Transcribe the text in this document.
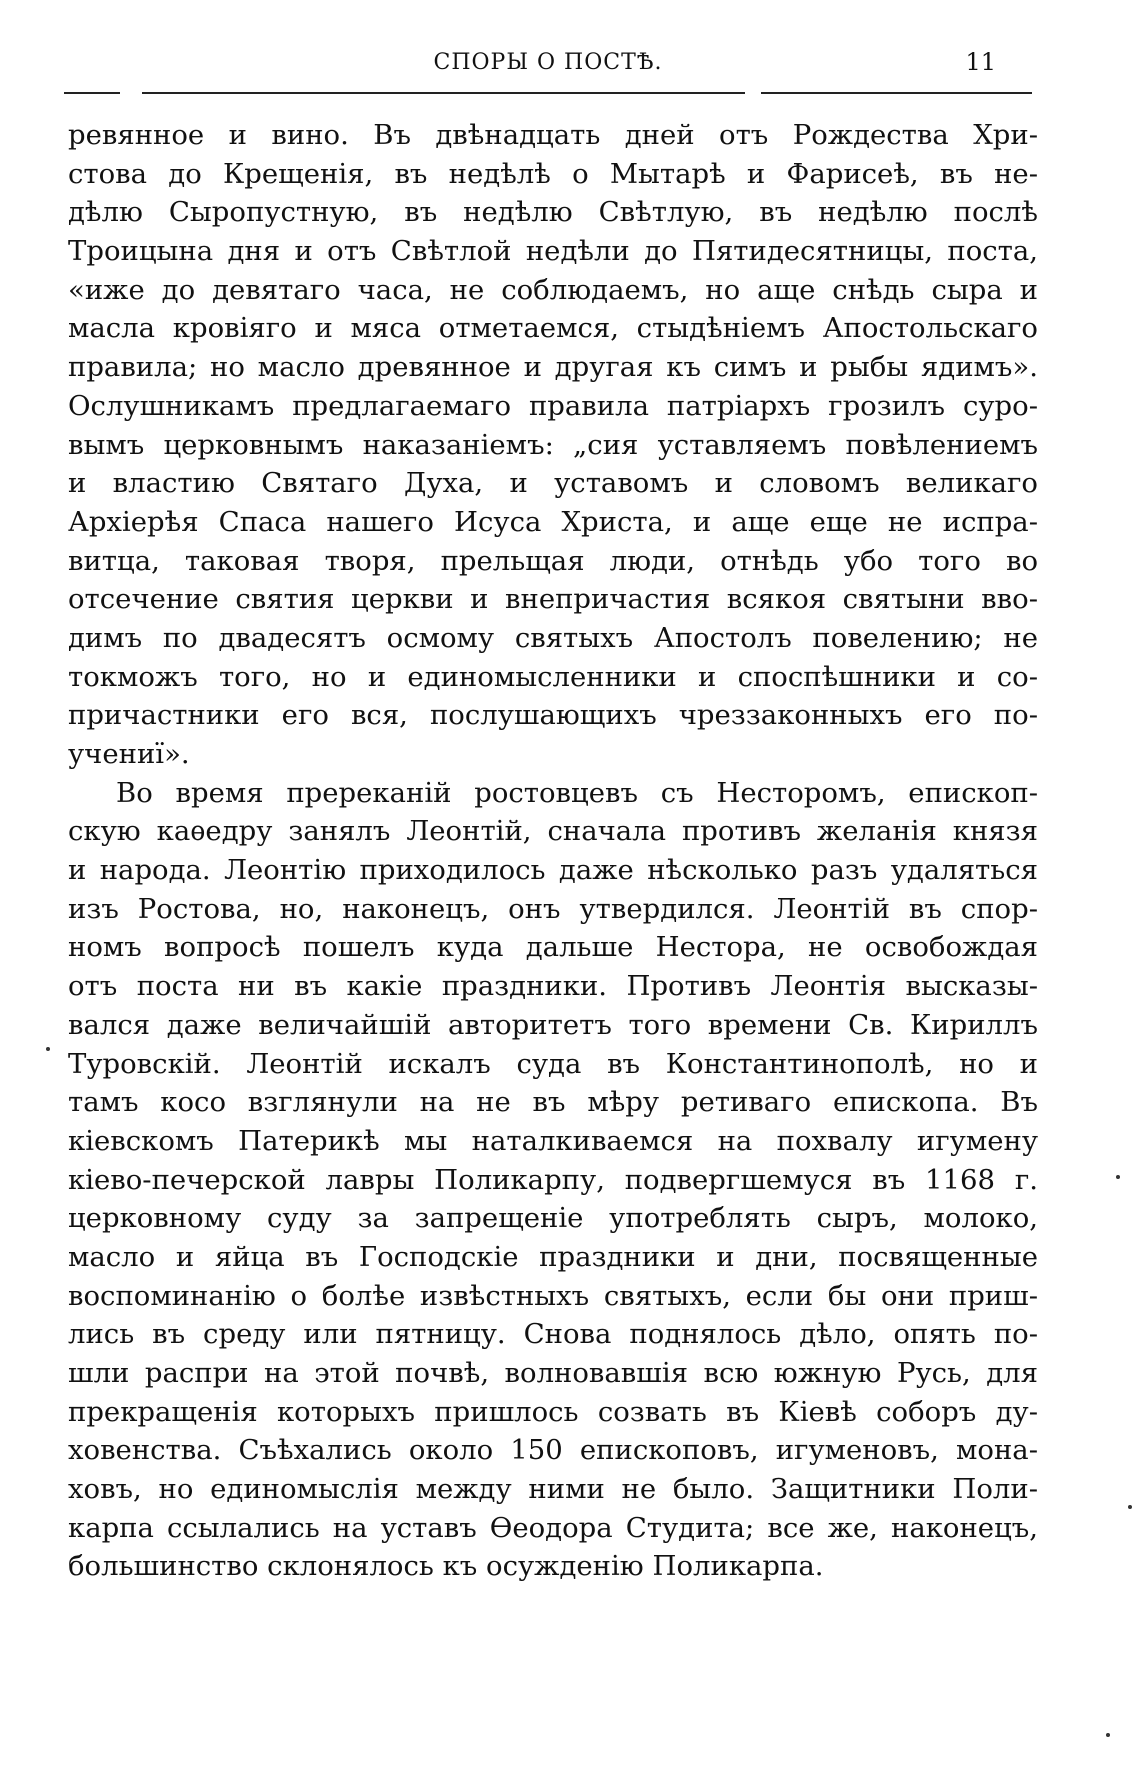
СПОРЫ О ПОСТѢ.	11
ревянное и вино. Въ двѣнадцать дней отъ Рождества Хри-
стова до Крещенія, въ недѣлѣ о Мытарѣ и Фарисеѣ, въ не-
дѣлю Сыропустную, въ недѣлю Свѣтлую, въ недѣлю послѣ
Троицына дня и отъ Свѣтлой недѣли до Пятидесятницы, поста,
«иже до девятаго часа, не соблюдаемъ, но аще снѣдь сыра и
масла кровіяго и мяса отметаемся, стыдѣніемъ Апостольскаго
правила; но масло древянное и другая къ симъ и рыбы ядимъ».
Ослушникамъ предлагаемаго правила патріархъ грозилъ суро-
вымъ церковнымъ наказаніемъ: „сия уставляемъ повѣлениемъ
и властию Святаго Духа, и уставомъ и словомъ великаго
Архіерѣя Спаса нашего Исуса Христа, и аще еще не испра-
витца, таковая творя, прельщая люди, отнѣдь убо того во
отсечение святия церкви и внепричастия всякоя святыни вво-
димъ по двадесятъ осмому святыхъ Апостолъ повелению; не
токможъ того, но и единомысленники и споспѣшники и со-
причастники его вся, послушающихъ чреззаконныхъ его по-
учениї».
Во время пререканій ростовцевъ съ Несторомъ, епископ-
скую каѳедру занялъ Леонтій, сначала противъ желанія князя
и народа. Леонтію приходилось даже нѣсколько разъ удаляться
изъ Ростова, но, наконецъ, онъ утвердился. Леонтій въ спор-
номъ вопросѣ пошелъ куда дальше Нестора, не освобождая
отъ поста ни въ какіе праздники. Противъ Леонтія высказы-
вался даже величайшій авторитетъ того времени Св. Кириллъ
Туровскій. Леонтій искалъ суда въ Константинополѣ, но и
тамъ косо взглянули на не въ мѣру ретиваго епископа. Въ
кіевскомъ Патерикѣ мы наталкиваемся на похвалу игумену
кіево-печерской лавры Поликарпу, подвергшемуся въ 1168 г.
церковному суду за запрещеніе употреблять сыръ, молоко,
масло и яйца въ Господскіе праздники и дни, посвященные
воспоминанію о болѣе извѣстныхъ святыхъ, если бы они приш-
лись въ среду или пятницу. Снова поднялось дѣло, опять по-
шли распри на этой почвѣ, волновавшія всю южную Русь, для
прекращенія которыхъ пришлось созвать въ Кіевѣ соборъ ду-
ховенства. Съѣхались около 150 епископовъ, игуменовъ, мона-
ховъ, но единомыслія между ними не было. Защитники Поли-
карпа ссылались на уставъ Ѳеодора Студита; все же, наконецъ,
большинство склонялось къ осужденію Поликарпа.
